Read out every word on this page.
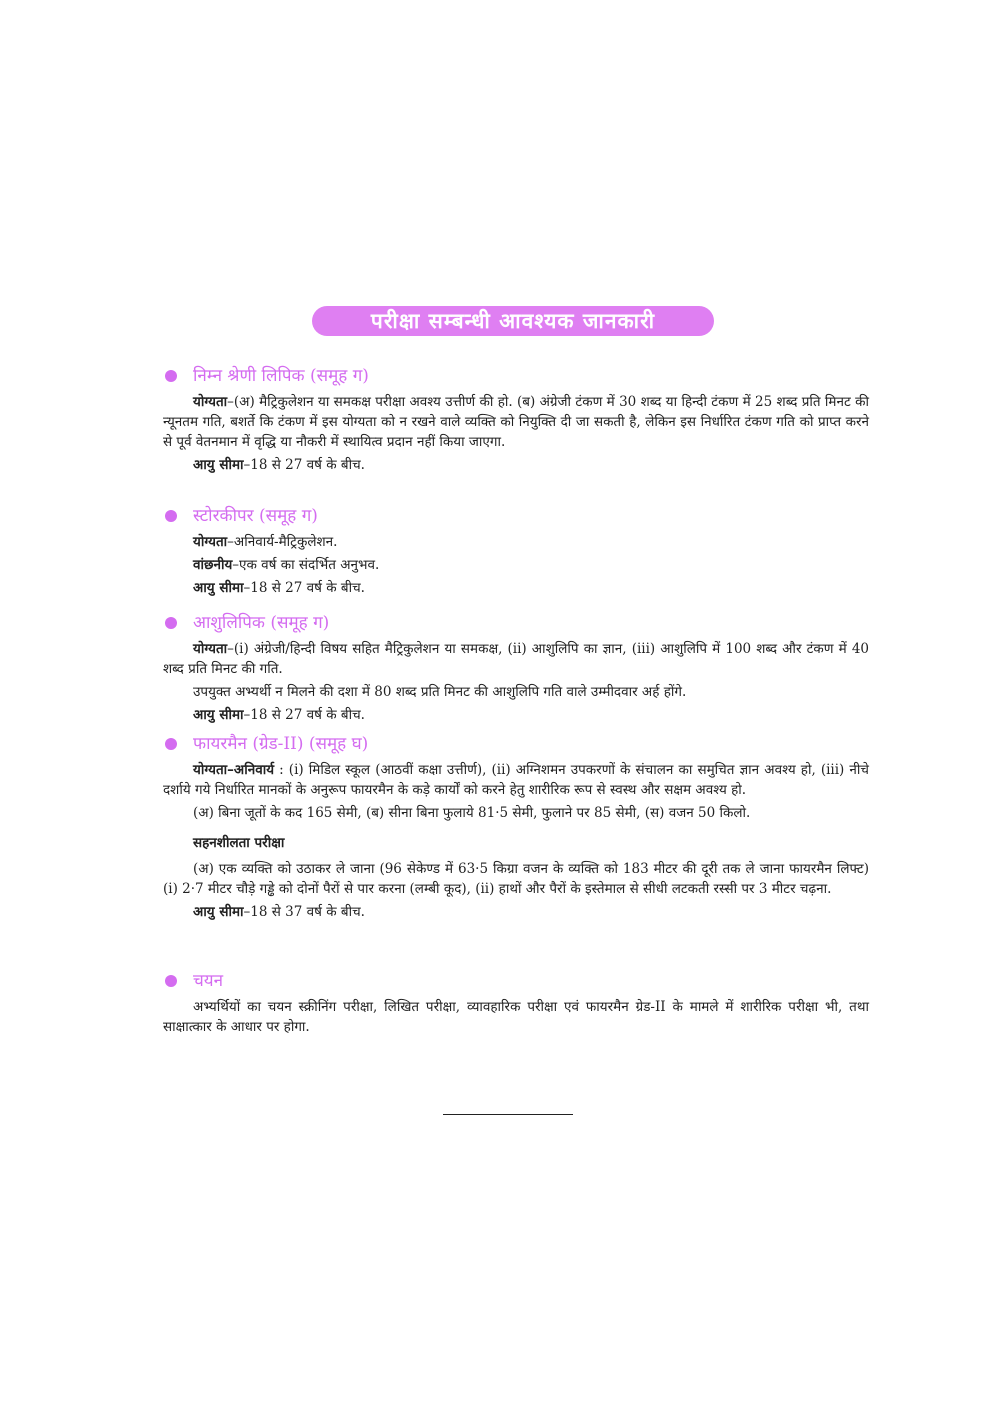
परीक्षा सम्बन्धी आवश्यक जानकारी
निम्न श्रेणी लिपिक (समूह ग)

योग्यता–(अ) मैट्रिकुलेशन या समकक्ष परीक्षा अवश्य उत्तीर्ण की हो. (ब) अंग्रेजी टंकण में 30 शब्द या हिन्दी टंकण में 25 शब्द प्रति मिनट की न्यूनतम गति, बशर्ते कि टंकण में इस योग्यता को न रखने वाले व्यक्ति को नियुक्ति दी जा सकती है, लेकिन इस निर्धारित टंकण गति को प्राप्त करने से पूर्व वेतनमान में वृद्धि या नौकरी में स्थायित्व प्रदान नहीं किया जाएगा.

आयु सीमा–18 से 27 वर्ष के बीच.

स्टोरकीपर (समूह ग)

योग्यता–अनिवार्य-मैट्रिकुलेशन.

वांछनीय–एक वर्ष का संदर्भित अनुभव.

आयु सीमा–18 से 27 वर्ष के बीच.

आशुलिपिक (समूह ग)

योग्यता–(i) अंग्रेजी/हिन्दी विषय सहित मैट्रिकुलेशन या समकक्ष, (ii) आशुलिपि का ज्ञान, (iii) आशुलिपि में 100 शब्द और टंकण में 40 शब्द प्रति मिनट की गति.

उपयुक्त अभ्यर्थी न मिलने की दशा में 80 शब्द प्रति मिनट की आशुलिपि गति वाले उम्मीदवार अर्ह होंगे.

आयु सीमा–18 से 27 वर्ष के बीच.

फायरमैन (ग्रेड-II) (समूह घ)

योग्यता–अनिवार्य : (i) मिडिल स्कूल (आठवीं कक्षा उत्तीर्ण), (ii) अग्निशमन उपकरणों के संचालन का समुचित ज्ञान अवश्य हो, (iii) नीचे दर्शाये गये निर्धारित मानकों के अनुरूप फायरमैन के कड़े कार्यों को करने हेतु शारीरिक रूप से स्वस्थ और सक्षम अवश्य हो.

(अ) बिना जूतों के कद 165 सेमी, (ब) सीना बिना फुलाये 81·5 सेमी, फुलाने पर 85 सेमी, (स) वजन 50 किलो.

सहनशीलता परीक्षा

(अ) एक व्यक्ति को उठाकर ले जाना (96 सेकेण्ड में 63·5 किग्रा वजन के व्यक्ति को 183 मीटर की दूरी तक ले जाना फायरमैन लिफ्ट) (i) 2·7 मीटर चौड़े गड्ढे को दोनों पैरों से पार करना (लम्बी कूद), (ii) हाथों और पैरों के इस्तेमाल से सीधी लटकती रस्सी पर 3 मीटर चढ़ना.

आयु सीमा–18 से 37 वर्ष के बीच.

चयन

अभ्यर्थियों का चयन स्क्रीनिंग परीक्षा, लिखित परीक्षा, व्यावहारिक परीक्षा एवं फायरमैन ग्रेड-II के मामले में शारीरिक परीक्षा भी, तथा साक्षात्कार के आधार पर होगा.
